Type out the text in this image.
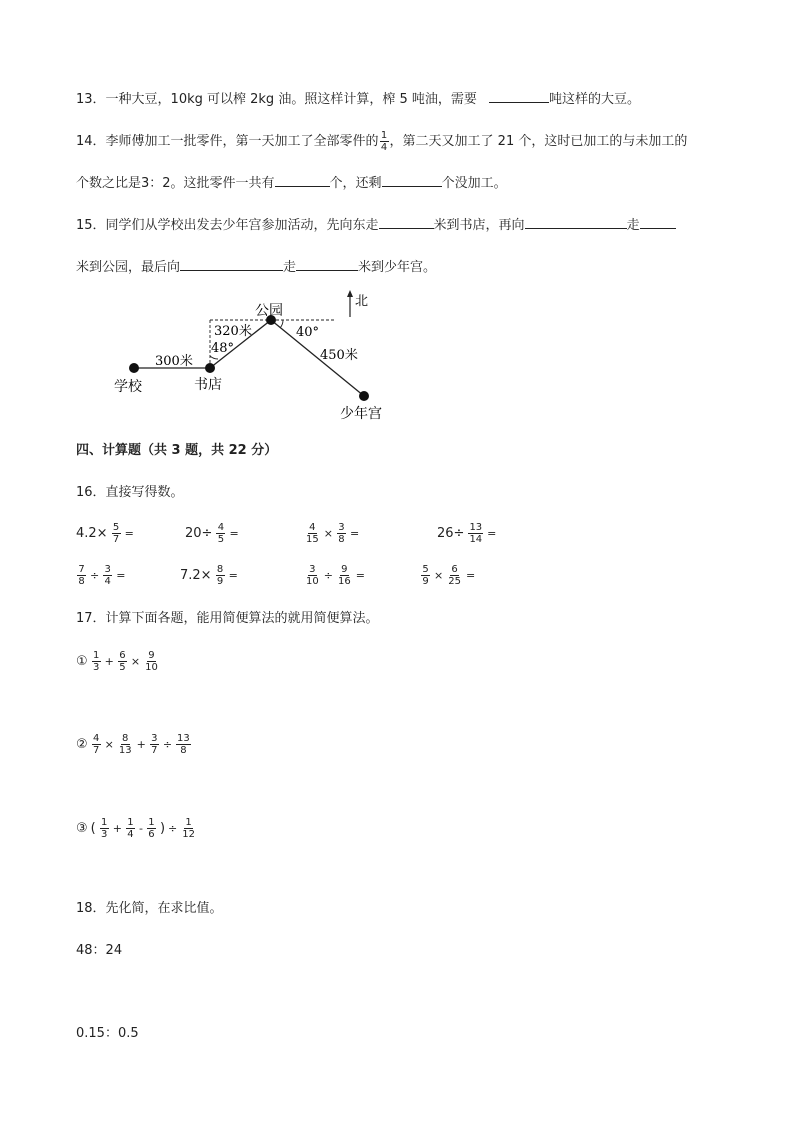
13．一种大豆，10kg 可以榨 2kg 油。照这样计算，榨 5 吨油，需要	吨这样的大豆。
14．李师傅加工一批零件，第一天加工了全部零件的 $\frac{1}{4}$ ，第二天又加工了 21 个，这时已加工的与未加工的
个数之比是3：2。这批零件一共有	个，还剩	个没加工。
15．同学们从学校出发去少年宫参加活动，先向东走	米到书店，再向	走
米到公园，最后向	走	米到少年宫。
北
学校	书店
公园
少年宫
300米
320米
450米
48°
40°
四、计算题（共 3 题，共 22 分）
16．直接写得数。
$4.2\times \frac{5}{7}$ =	$20\div \frac{4}{5}$ =	$\frac{4}{15} \times \frac{3}{8}$ =	$26\div \frac{13}{14}$ =
$\frac{7}{8} \div \frac{3}{4}$ =	$7.2\times \frac{8}{9}$ =	$\frac{3}{10} \div \frac{9}{16}$ =	$\frac{5}{9} \times \frac{6}{25}$ =
17．计算下面各题，能用简便算法的就用简便算法。
① $\frac{1}{3} + \frac{6}{5} \times \frac{9}{10}$
② $\frac{4}{7} \times \frac{8}{13} + \frac{3}{7} \div \frac{13}{8}$
③ ( $\frac{1}{3} + \frac{1}{4} - \frac{1}{6}$ ) ÷ $\frac{1}{12}$
18．先化简，在求比值。
48：24
0.15：0.5
